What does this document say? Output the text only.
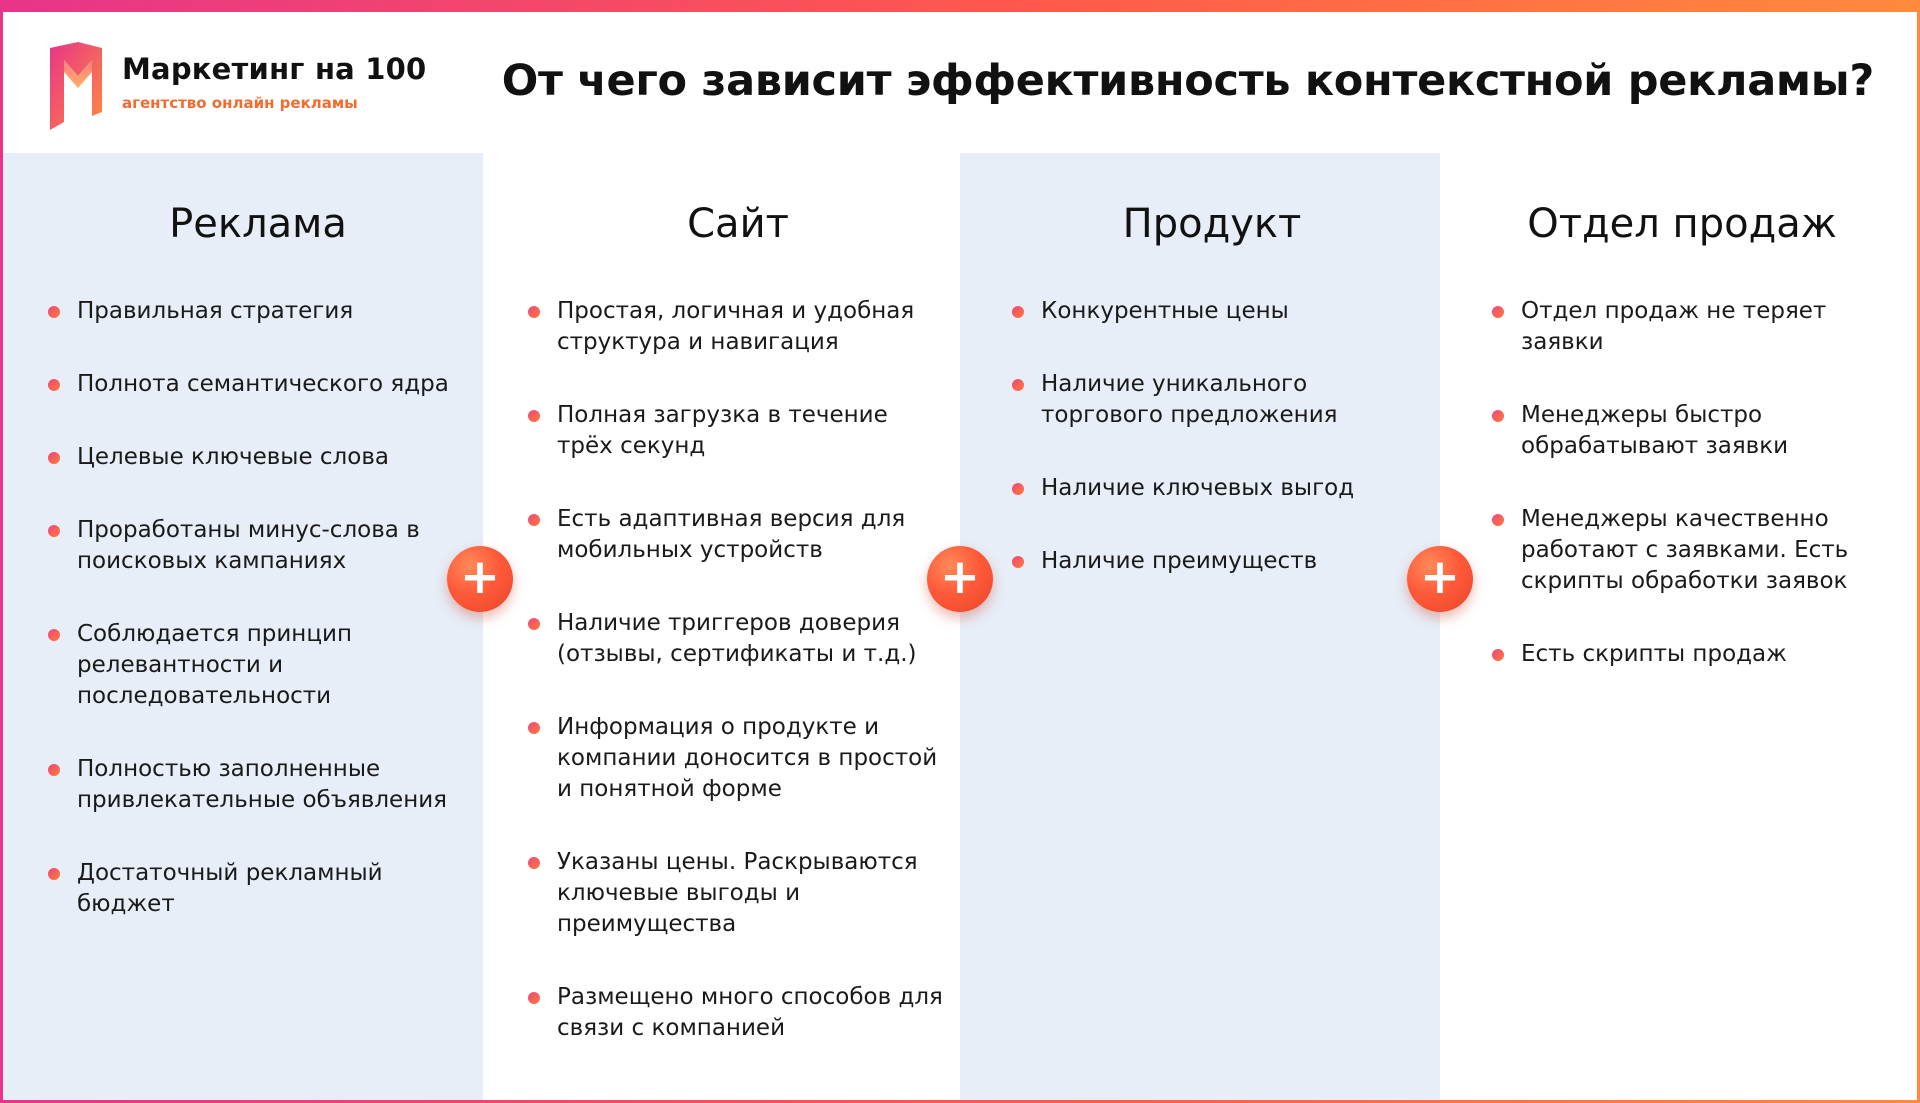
Маркетинг на 100
агентство онлайн рекламы	От чего зависит эффективность контекстной рекламы?
Реклама
Правильная стратегия
Полнота семантического ядра
Целевые ключевые слова
Проработаны минус-слова в поисковых кампаниях
Соблюдается принцип релевантности и последовательности
Полностью заполненные привлекательные объявления
Достаточный рекламный бюджет
Сайт
Простая, логичная и удобная структура и навигация
Полная загрузка в течение трёх секунд
Есть адаптивная версия для мобильных устройств
Наличие триггеров доверия (отзывы, сертификаты и т.д.)
Информация о продукте и компании доносится в простой и понятной форме
Указаны цены. Раскрываются ключевые выгоды и преимущества
Размещено много способов для связи с компанией
Продукт
Конкурентные цены
Наличие уникального торгового предложения
Наличие ключевых выгод
Наличие преимуществ
Отдел продаж
Отдел продаж не теряет заявки
Менеджеры быстро обрабатывают заявки
Менеджеры качественно работают с заявками. Есть скрипты обработки заявок
Есть скрипты продаж
+	+	+
